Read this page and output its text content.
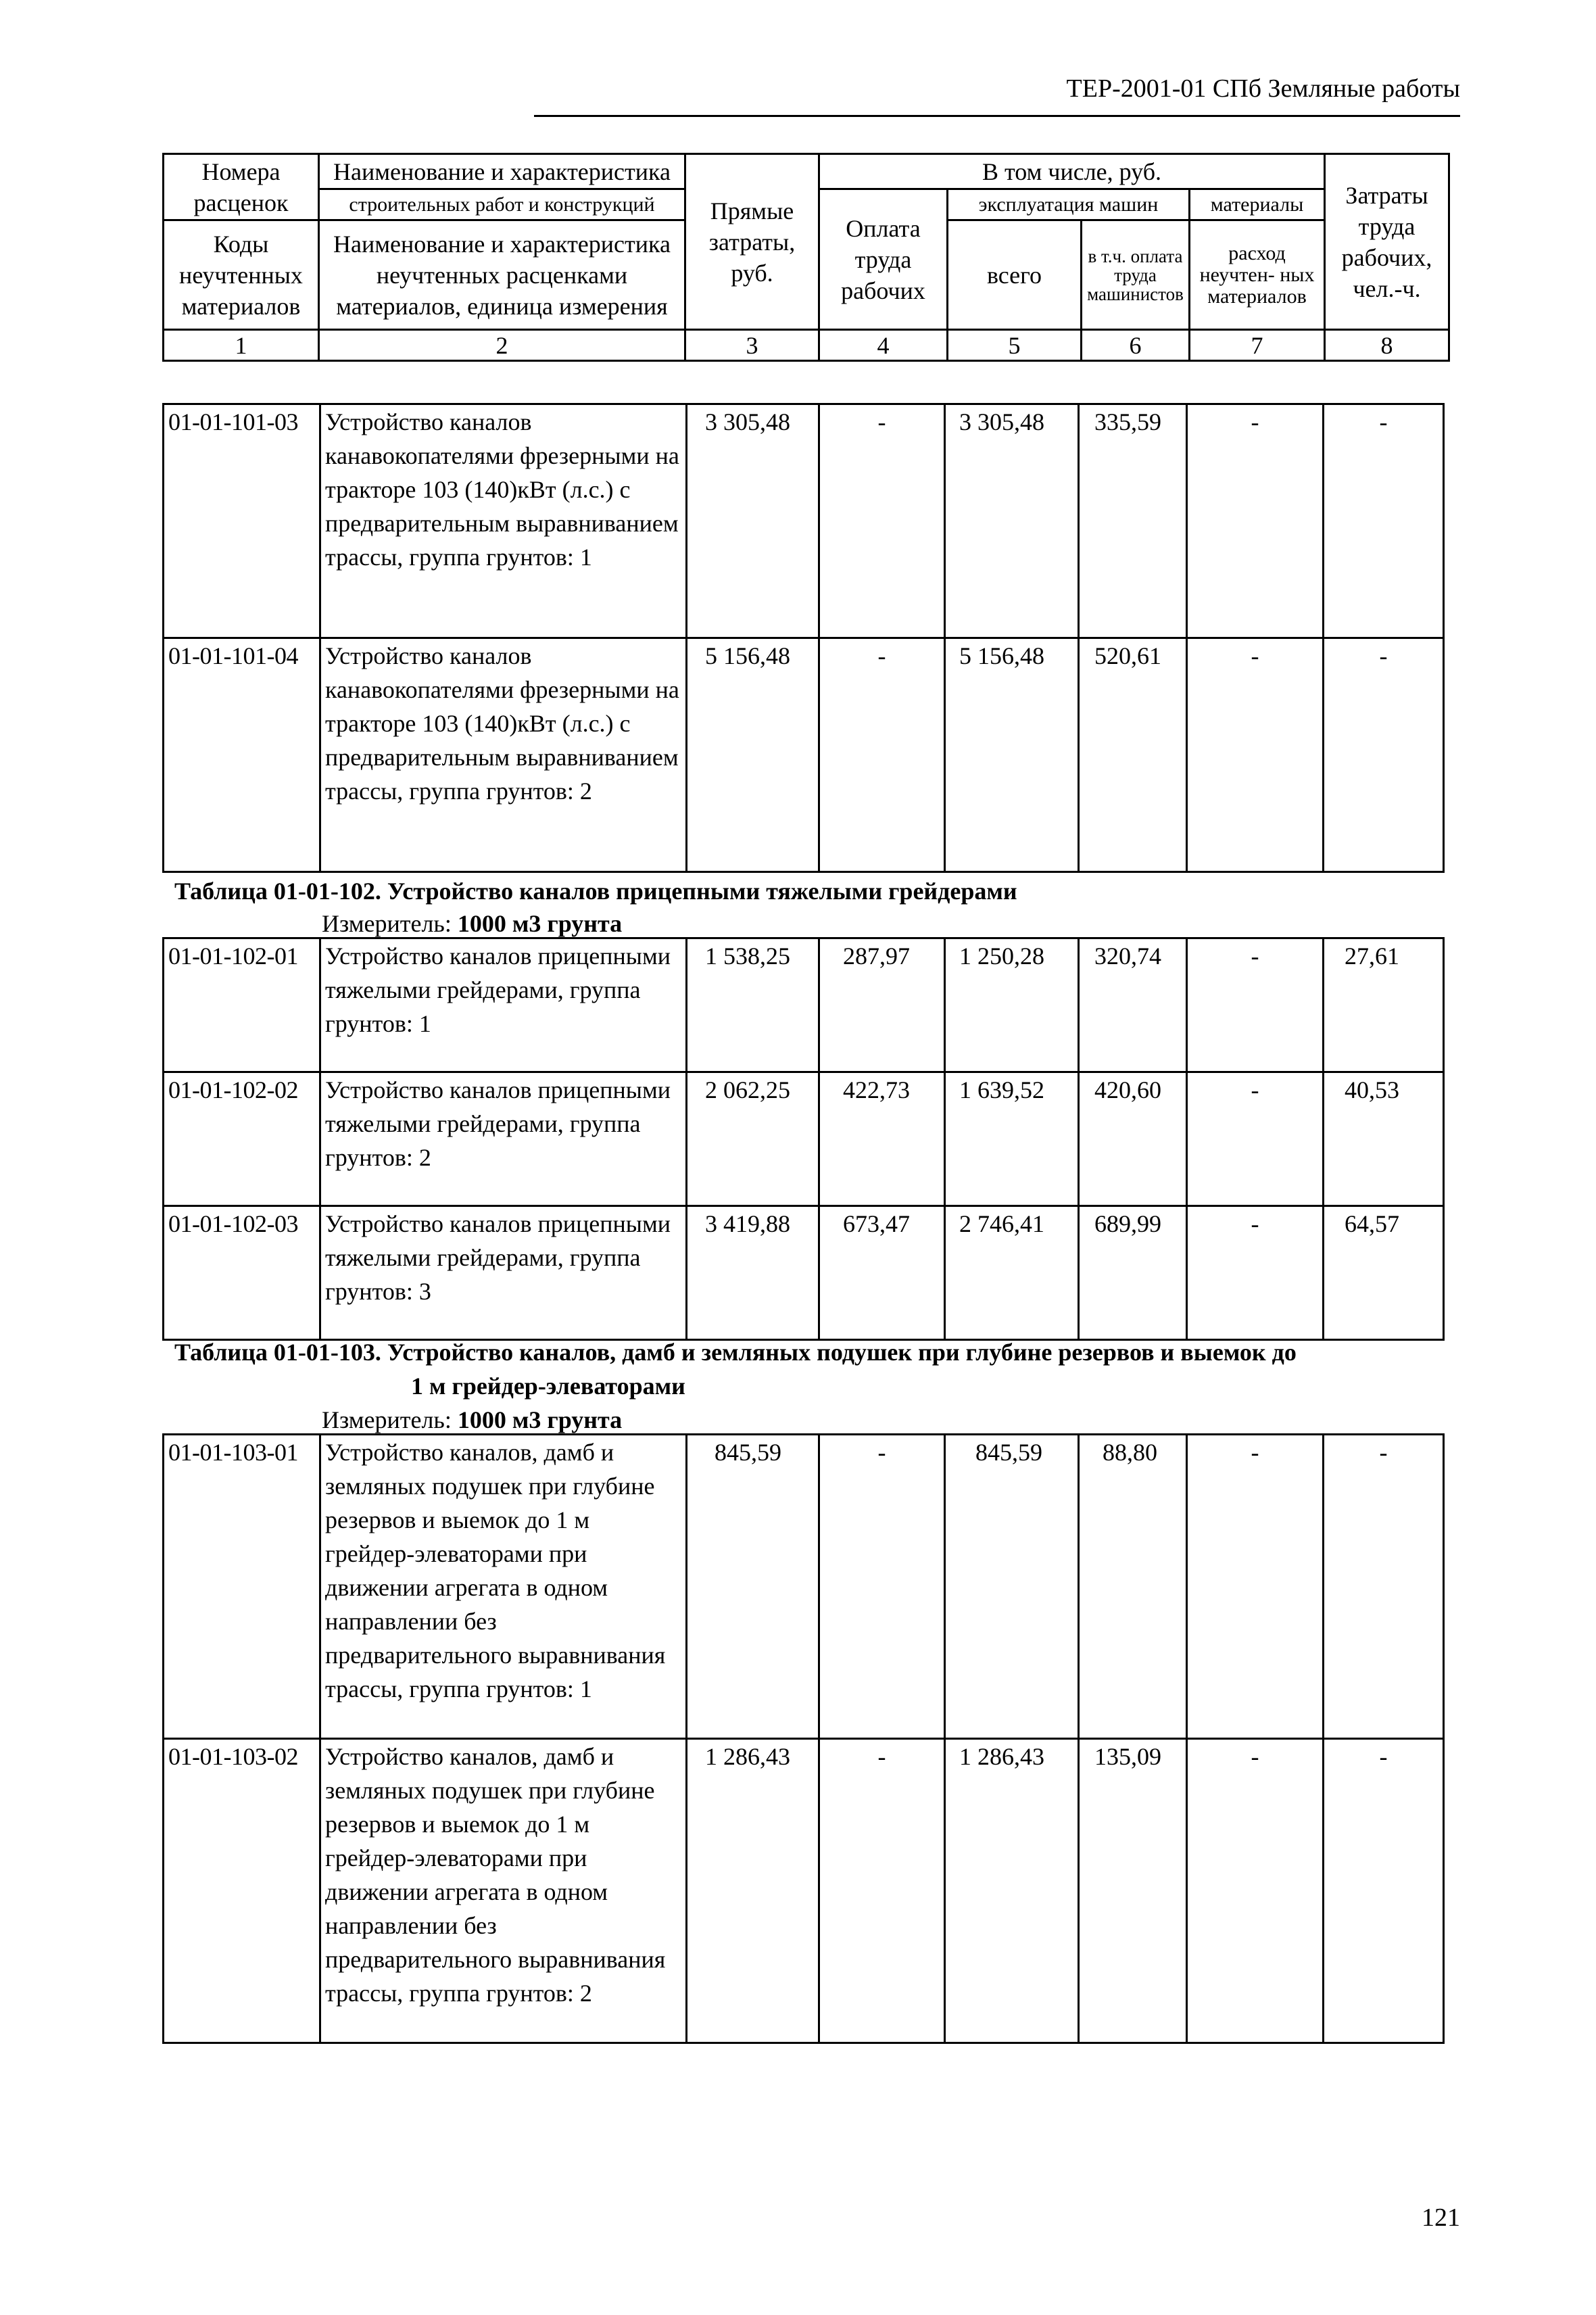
ТЕР-2001-01 СПб Земляные работы
Номера расценок	Наименование и характеристика	Прямые затраты, руб.	В том числе, руб.				Затраты труда рабочих, чел.-ч.
	строительных работ и конструкций		Оплата труда рабочих	эксплуатация машин		материалы	

Коды неучтенных материалов	Наименование и характеристика неучтенных расценками материалов, единица измерения			всего	в т.ч. оплата труда машинистов	расход неучтен- ных материалов	
1	2	3	4	5	6	7	8
01-01-101-03	Устройство каналов канавокопателями фрезерными на тракторе 103 (140)кВт (л.с.) с предварительным выравниванием трассы, группа грунтов: 1	3 305,48	-	3 305,48	335,59	-	-
01-01-101-04	Устройство каналов канавокопателями фрезерными на тракторе 103 (140)кВт (л.с.) с предварительным выравниванием трассы, группа грунтов: 2	5 156,48	-	5 156,48	520,61	-	-
Таблица 01-01-102. Устройство каналов прицепными тяжелыми грейдерами
Измеритель: 1000 м3 грунта
01-01-102-01	Устройство каналов прицепными тяжелыми грейдерами, группа грунтов: 1	1 538,25	287,97	1 250,28	320,74	-	27,61
01-01-102-02	Устройство каналов прицепными тяжелыми грейдерами, группа грунтов: 2	2 062,25	422,73	1 639,52	420,60	-	40,53
01-01-102-03	Устройство каналов прицепными тяжелыми грейдерами, группа грунтов: 3	3 419,88	673,47	2 746,41	689,99	-	64,57
Таблица 01-01-103. Устройство каналов, дамб и земляных подушек при глубине резервов и выемок до
1 м грейдер-элеваторами
Измеритель: 1000 м3 грунта
01-01-103-01	Устройство каналов, дамб и земляных подушек при глубине резервов и выемок до 1 м грейдер-элеваторами при движении агрегата в одном направлении без предварительного выравнивания трассы, группа грунтов: 1	845,59	-	845,59	88,80	-	-
01-01-103-02	Устройство каналов, дамб и земляных подушек при глубине резервов и выемок до 1 м грейдер-элеваторами при движении агрегата в одном направлении без предварительного выравнивания трассы, группа грунтов: 2	1 286,43	-	1 286,43	135,09	-	-
121
